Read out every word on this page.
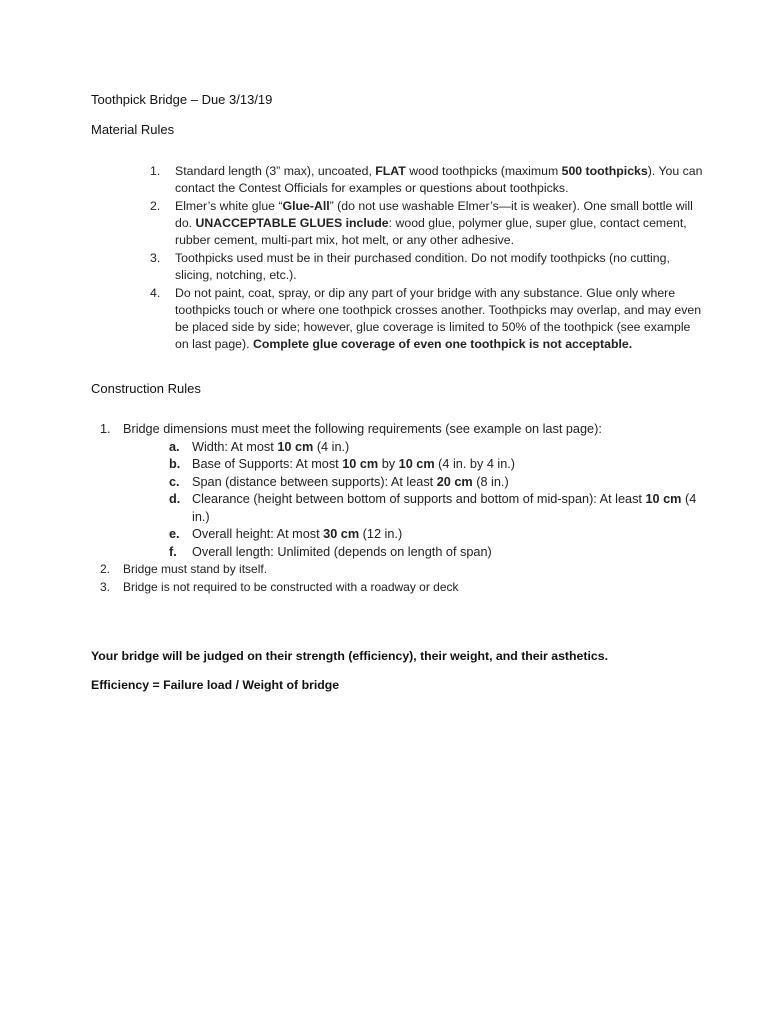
Toothpick Bridge – Due 3/13/19
Material Rules
1. Standard length (3” max), uncoated, FLAT wood toothpicks (maximum 500 toothpicks). You can contact the Contest Officials for examples or questions about toothpicks.
2. Elmer’s white glue “Glue-All” (do not use washable Elmer’s—it is weaker). One small bottle will do. UNACCEPTABLE GLUES include: wood glue, polymer glue, super glue, contact cement, rubber cement, multi-part mix, hot melt, or any other adhesive.
3. Toothpicks used must be in their purchased condition. Do not modify toothpicks (no cutting, slicing, notching, etc.).
4. Do not paint, coat, spray, or dip any part of your bridge with any substance. Glue only where toothpicks touch or where one toothpick crosses another. Toothpicks may overlap, and may even be placed side by side; however, glue coverage is limited to 50% of the toothpick (see example on last page). Complete glue coverage of even one toothpick is not acceptable.
Construction Rules
1. Bridge dimensions must meet the following requirements (see example on last page):
a. Width: At most 10 cm (4 in.)
b. Base of Supports: At most 10 cm by 10 cm (4 in. by 4 in.)
c. Span (distance between supports): At least 20 cm (8 in.)
d. Clearance (height between bottom of supports and bottom of mid-span): At least 10 cm (4 in.)
e. Overall height: At most 30 cm (12 in.)
f. Overall length: Unlimited (depends on length of span)
2. Bridge must stand by itself.
3. Bridge is not required to be constructed with a roadway or deck

Your bridge will be judged on their strength (efficiency), their weight, and their asthetics.

Efficiency = Failure load / Weight of bridge
